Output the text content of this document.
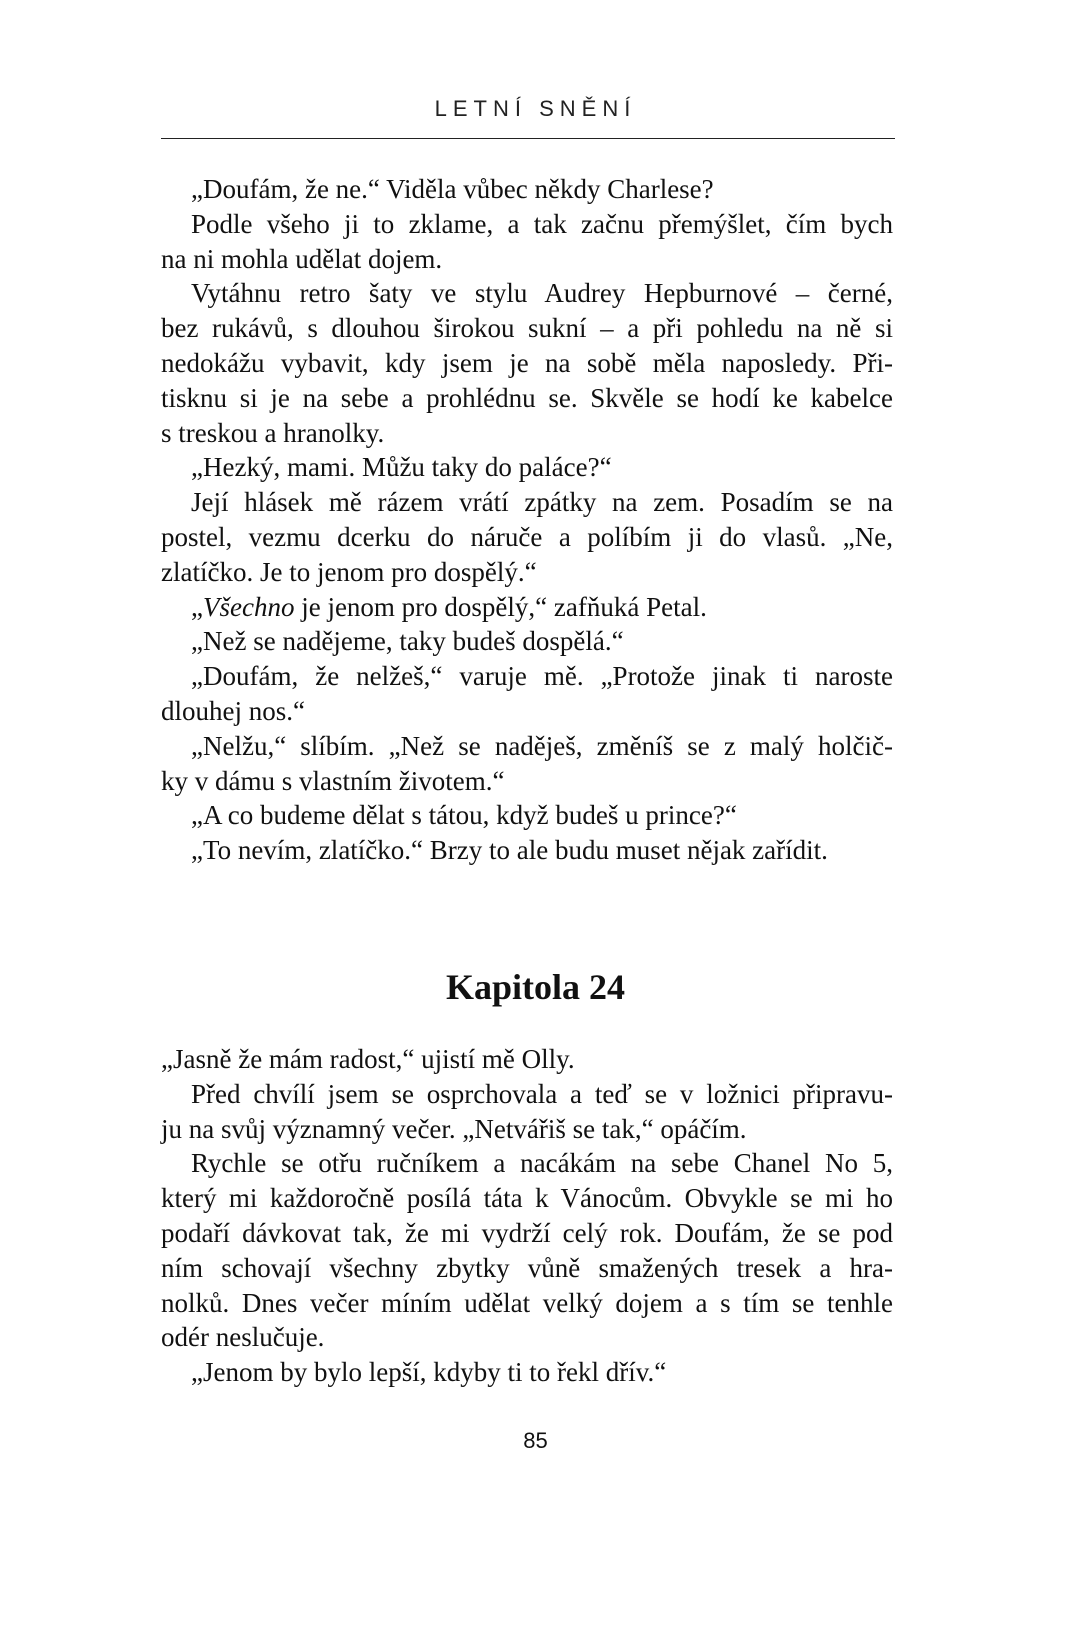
LETNÍ SNĚNÍ
„Doufám, že ne.“ Viděla vůbec někdy Charlese?
Podle všeho ji to zklame, a tak začnu přemýšlet, čím bych
na ni mohla udělat dojem.
Vytáhnu retro šaty ve stylu Audrey Hepburnové – černé,
bez rukávů, s dlouhou širokou sukní – a při pohledu na ně si
nedokážu vybavit, kdy jsem je na sobě měla naposledy. Při-
tisknu si je na sebe a prohlédnu se. Skvěle se hodí ke kabelce
s treskou a hranolky.
„Hezký, mami. Můžu taky do paláce?“
Její hlásek mě rázem vrátí zpátky na zem. Posadím se na
postel, vezmu dcerku do náruče a políbím ji do vlasů. „Ne,
zlatíčko. Je to jenom pro dospělý.“
„Všechno je jenom pro dospělý,“ zafňuká Petal.
„Než se nadějeme, taky budeš dospělá.“
„Doufám, že nelžeš,“ varuje mě. „Protože jinak ti naroste
dlouhej nos.“
„Nelžu,“ slíbím. „Než se naděješ, změníš se z malý holčič-
ky v dámu s vlastním životem.“
„A co budeme dělat s tátou, když budeš u prince?“
„To nevím, zlatíčko.“ Brzy to ale budu muset nějak zařídit.
Kapitola 24
„Jasně že mám radost,“ ujistí mě Olly.
Před chvílí jsem se osprchovala a teď se v ložnici připravu-
ju na svůj významný večer. „Netvářiš se tak,“ opáčím.
Rychle se otřu ručníkem a nacákám na sebe Chanel No 5,
který mi každoročně posílá táta k Vánocům. Obvykle se mi ho
podaří dávkovat tak, že mi vydrží celý rok. Doufám, že se pod
ním schovají všechny zbytky vůně smažených tresek a hra-
nolků. Dnes večer míním udělat velký dojem a s tím se tenhle
odér neslučuje.
„Jenom by bylo lepší, kdyby ti to řekl dřív.“
85
